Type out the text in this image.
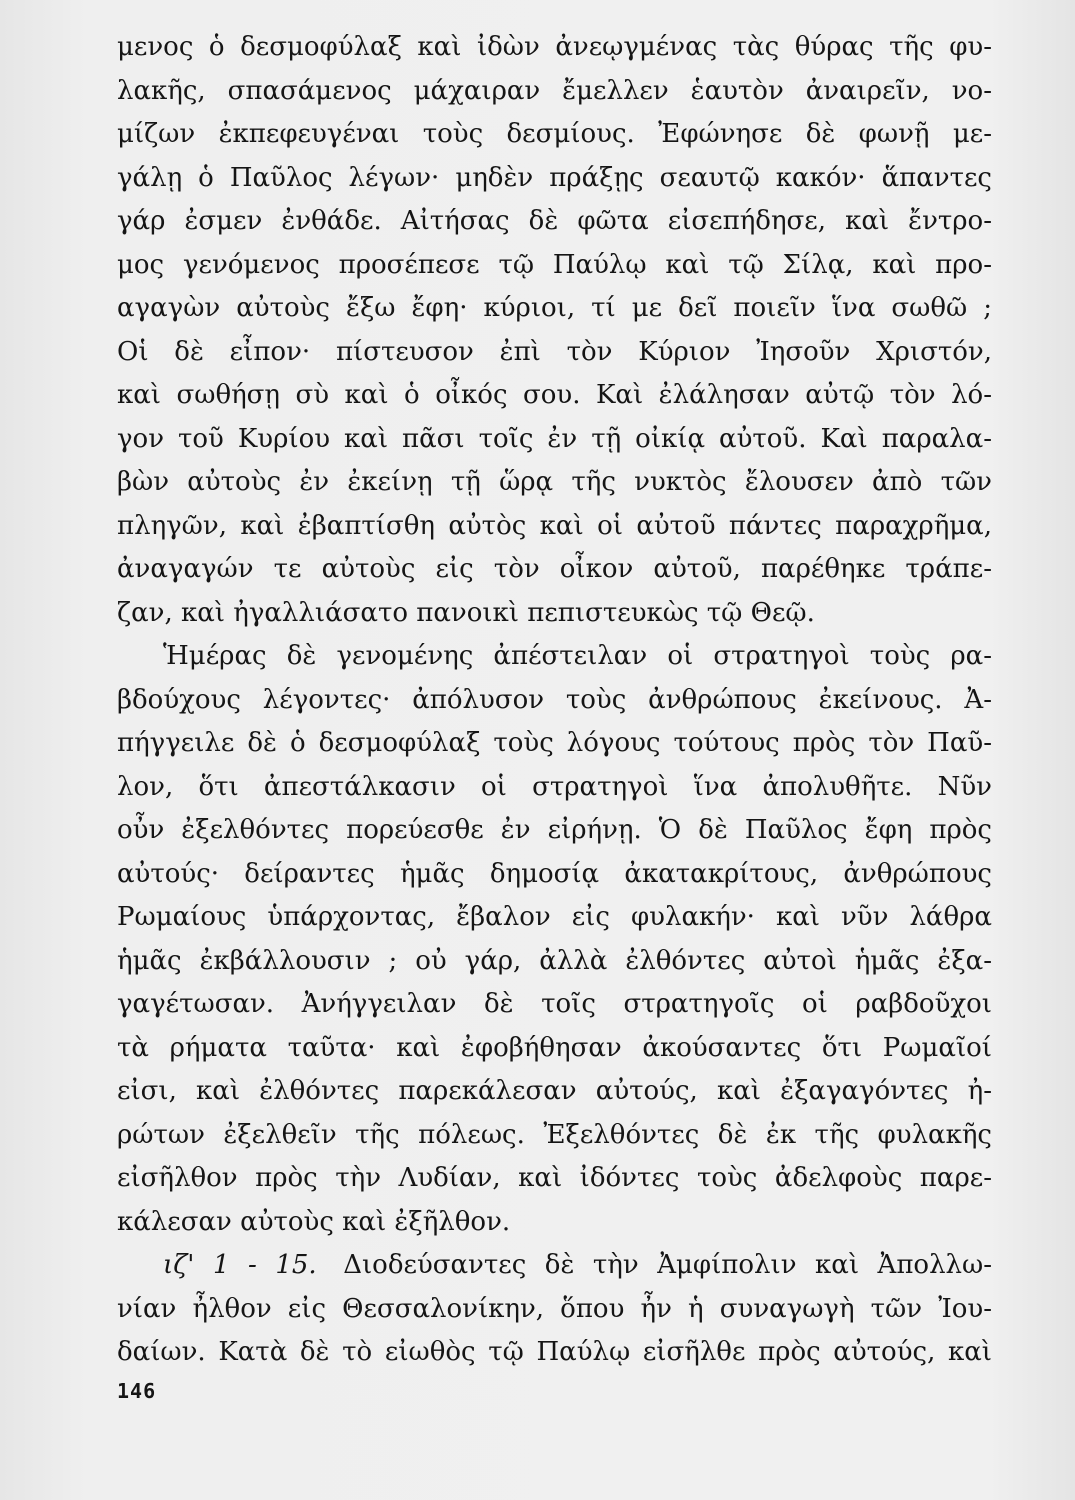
μενος ὁ δεσμοφύλαξ καὶ ἰδὼν ἀνεῳγμένας τὰς θύρας τῆς φυ-
λακῆς, σπασάμενος μάχαιραν ἔμελλεν ἑαυτὸν ἀναιρεῖν, νο-
μίζων ἐκπεφευγέναι τοὺς δεσμίους. Ἐφώνησε δὲ φωνῇ με-
γάλῃ ὁ Παῦλος λέγων· μηδὲν πράξῃς σεαυτῷ κακόν· ἅπαντες
γάρ ἐσμεν ἐνθάδε. Αἰτήσας δὲ φῶτα εἰσεπήδησε, καὶ ἔντρο-
μος γενόμενος προσέπεσε τῷ Παύλῳ καὶ τῷ Σίλᾳ, καὶ προ-
αγαγὼν αὐτοὺς ἔξω ἔφη· κύριοι, τί με δεῖ ποιεῖν ἵνα σωθῶ ;
Οἱ δὲ εἶπον· πίστευσον ἐπὶ τὸν Κύριον Ἰησοῦν Χριστόν,
καὶ σωθήσῃ σὺ καὶ ὁ οἶκός σου. Καὶ ἐλάλησαν αὐτῷ τὸν λό-
γον τοῦ Κυρίου καὶ πᾶσι τοῖς ἐν τῇ οἰκίᾳ αὐτοῦ. Καὶ παραλα-
βὼν αὐτοὺς ἐν ἐκείνῃ τῇ ὥρᾳ τῆς νυκτὸς ἔλουσεν ἀπὸ τῶν
πληγῶν, καὶ ἐβαπτίσθη αὐτὸς καὶ οἱ αὐτοῦ πάντες παραχρῆμα,
ἀναγαγών τε αὐτοὺς εἰς τὸν οἶκον αὐτοῦ, παρέθηκε τράπε-
ζαν, καὶ ἠγαλλιάσατο πανοικὶ πεπιστευκὼς τῷ Θεῷ.
Ἡμέρας δὲ γενομένης ἀπέστειλαν οἱ στρατηγοὶ τοὺς ρα-
βδούχους λέγοντες· ἀπόλυσον τοὺς ἀνθρώπους ἐκείνους. Ἀ-
πήγγειλε δὲ ὁ δεσμοφύλαξ τοὺς λόγους τούτους πρὸς τὸν Παῦ-
λον, ὅτι ἀπεστάλκασιν οἱ στρατηγοὶ ἵνα ἀπολυθῆτε. Νῦν
οὖν ἐξελθόντες πορεύεσθε ἐν εἰρήνῃ. Ὁ δὲ Παῦλος ἔφη πρὸς
αὐτούς· δείραντες ἡμᾶς δημοσίᾳ ἀκατακρίτους, ἀνθρώπους
Ρωμαίους ὑπάρχοντας, ἔβαλον εἰς φυλακήν· καὶ νῦν λάθρα
ἡμᾶς ἐκβάλλουσιν ; οὐ γάρ, ἀλλὰ ἐλθόντες αὐτοὶ ἡμᾶς ἐξα-
γαγέτωσαν. Ἀνήγγειλαν δὲ τοῖς στρατηγοῖς οἱ ραβδοῦχοι
τὰ ρήματα ταῦτα· καὶ ἐφοβήθησαν ἀκούσαντες ὅτι Ρωμαῖοί
εἰσι, καὶ ἐλθόντες παρεκάλεσαν αὐτούς, καὶ ἐξαγαγόντες ἠ-
ρώτων ἐξελθεῖν τῆς πόλεως. Ἐξελθόντες δὲ ἐκ τῆς φυλακῆς
εἰσῆλθον πρὸς τὴν Λυδίαν, καὶ ἰδόντες τοὺς ἀδελφοὺς παρε-
κάλεσαν αὐτοὺς καὶ ἐξῆλθον.
ιζ' 1 - 15. Διοδεύσαντες δὲ τὴν Ἀμφίπολιν καὶ Ἀπολλω-
νίαν ἦλθον εἰς Θεσσαλονίκην, ὅπου ἦν ἡ συναγωγὴ τῶν Ἰου-
δαίων. Κατὰ δὲ τὸ εἰωθὸς τῷ Παύλῳ εἰσῆλθε πρὸς αὐτούς, καὶ
146
